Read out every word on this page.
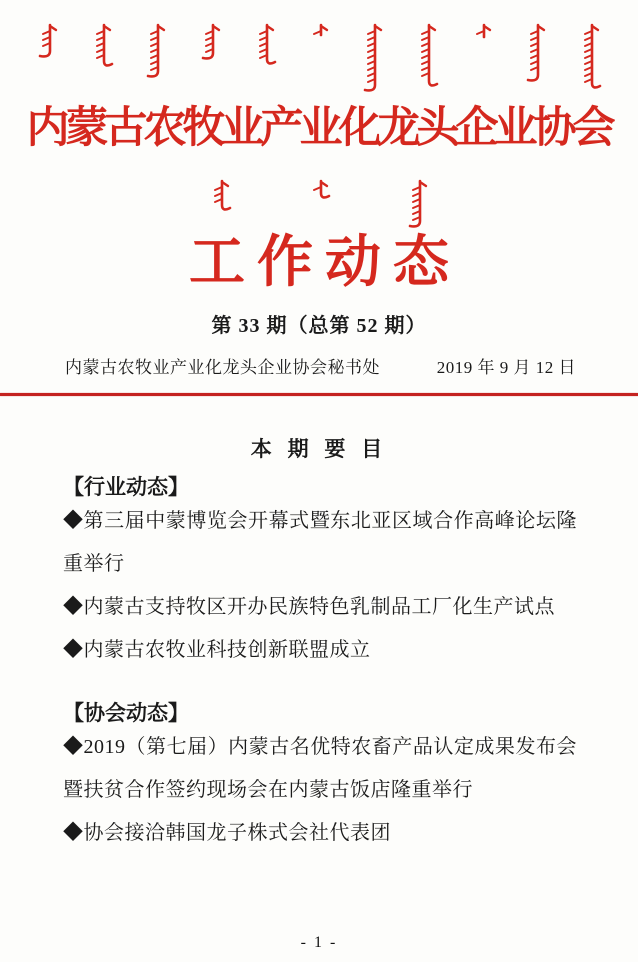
内蒙古农牧业产业化龙头企业协会
工作动态
第 33 期（总第 52 期）
内蒙古农牧业产业化龙头企业协会秘书处	2019 年 9 月 12 日
本 期 要 目
【行业动态】

◆第三届中蒙博览会开幕式暨东北亚区域合作高峰论坛隆重举行

◆内蒙古支持牧区开办民族特色乳制品工厂化生产试点

◆内蒙古农牧业科技创新联盟成立

【协会动态】

◆2019（第七届）内蒙古名优特农畜产品认定成果发布会暨扶贫合作签约现场会在内蒙古饭店隆重举行

◆协会接洽韩国龙子株式会社代表团

- 1 -
